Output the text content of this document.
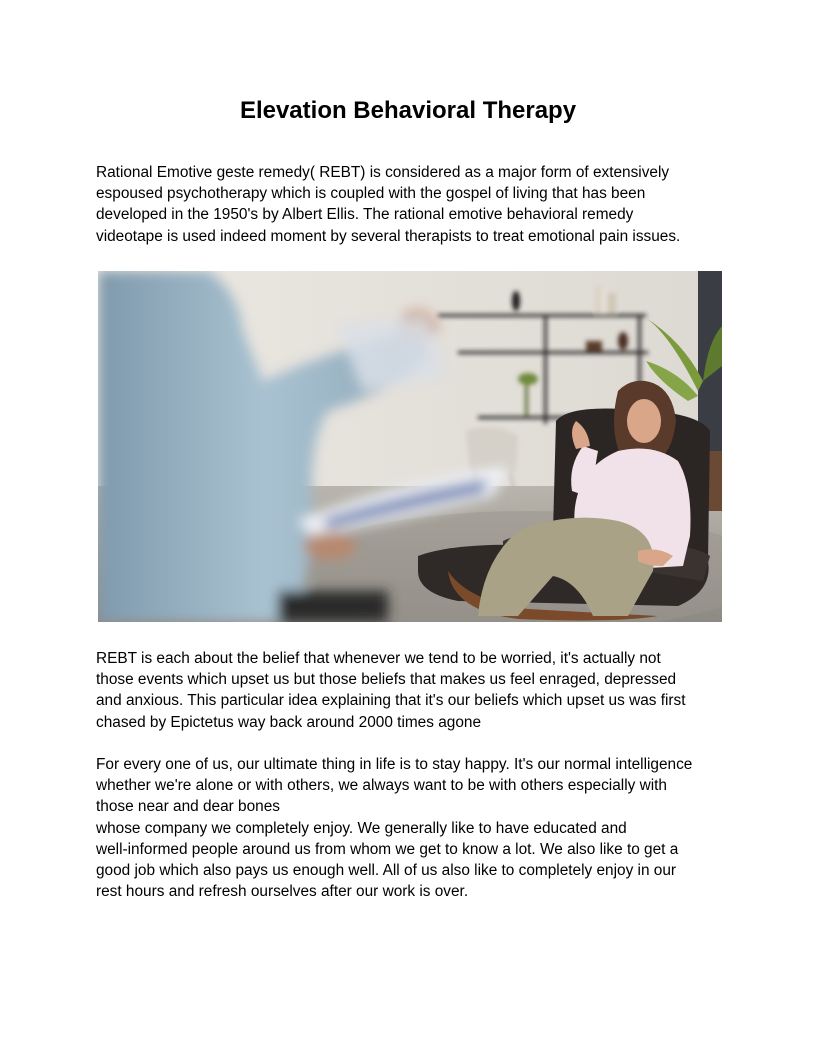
Elevation Behavioral Therapy

Rational Emotive geste remedy( REBT) is considered as a major form of extensively
espoused psychotherapy which is coupled with the gospel of living that has been
developed in the 1950's by Albert Ellis. The rational emotive behavioral remedy
videotape is used indeed moment by several therapists to treat emotional pain issues.

REBT is each about the belief that whenever we tend to be worried, it's actually not
those events which upset us but those beliefs that makes us feel enraged, depressed
and anxious. This particular idea explaining that it's our beliefs which upset us was first
chased by Epictetus way back around 2000 times agone

For every one of us, our ultimate thing in life is to stay happy. It's our normal intelligence
whether we're alone or with others, we always want to be with others especially with
those near and dear bones
whose company we completely enjoy. We generally like to have educated and
well-informed people around us from whom we get to know a lot. We also like to get a
good job which also pays us enough well. All of us also like to completely enjoy in our
rest hours and refresh ourselves after our work is over.
